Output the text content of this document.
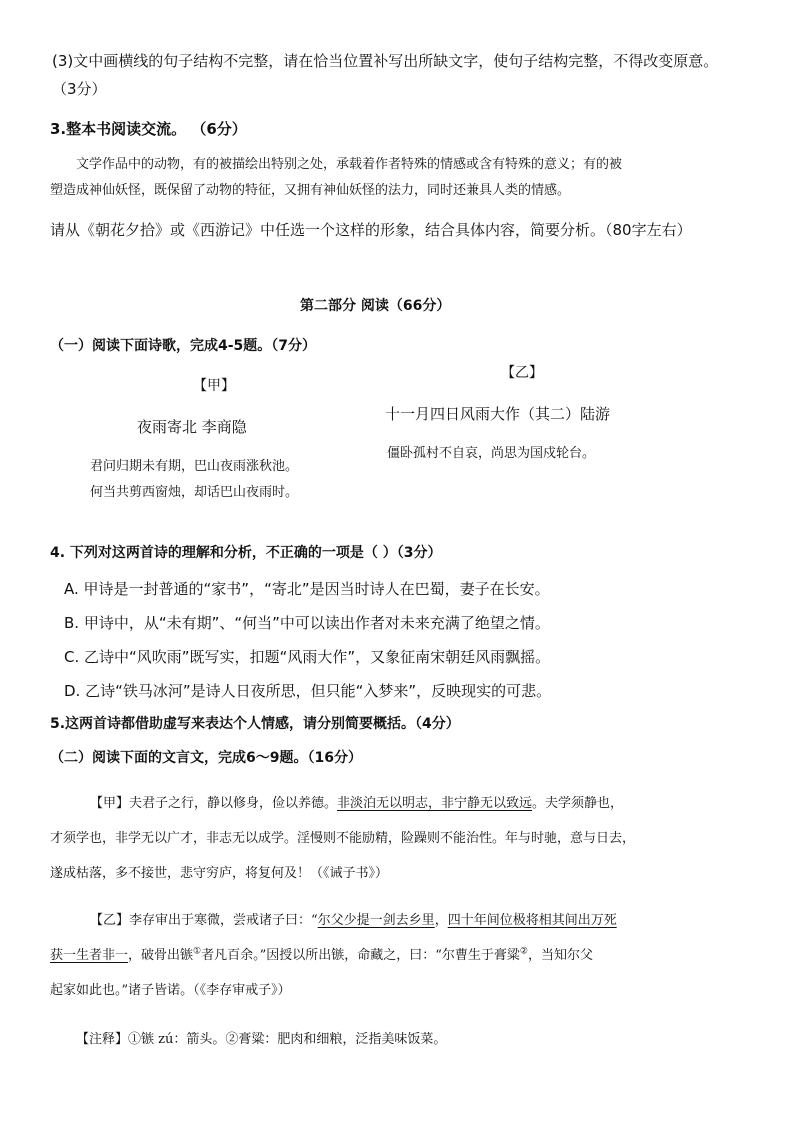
(3)文中画横线的句子结构不完整，请在恰当位置补写出所缺文字，使句子结构完整，不得改变原意。
（3分）
3.整本书阅读交流。 （6分）
文学作品中的动物，有的被描绘出特别之处，承载着作者特殊的情感或含有特殊的意义；有的被
塑造成神仙妖怪，既保留了动物的特征，又拥有神仙妖怪的法力，同时还兼具人类的情感。
请从《朝花夕拾》或《西游记》中任选一个这样的形象，结合具体内容，简要分析。（80字左右）
第二部分 阅读（66分）
（一）阅读下面诗歌，完成4-5题。（7分）
【甲】
夜雨寄北 李商隐
君问归期未有期，巴山夜雨涨秋池。
何当共剪西窗烛，却话巴山夜雨时。
【乙】
十一月四日风雨大作（其二）陆游
僵卧孤村不自哀，尚思为国戍轮台。
4. 下列对这两首诗的理解和分析，不正确的一项是（ ）（3分）
A. 甲诗是一封普通的“家书”，“寄北”是因当时诗人在巴蜀，妻子在长安。
B. 甲诗中，从“未有期”、“何当”中可以读出作者对未来充满了绝望之情。
C. 乙诗中“风吹雨”既写实，扣题“风雨大作”，又象征南宋朝廷风雨飘摇。
D. 乙诗“铁马冰河”是诗人日夜所思，但只能“入梦来”，反映现实的可悲。
5.这两首诗都借助虚写来表达个人情感，请分别简要概括。（4分）
（二）阅读下面的文言文，完成6～9题。（16分）
【甲】夫君子之行，静以修身，俭以养德。非淡泊无以明志，非宁静无以致远。夫学须静也，
才须学也，非学无以广才，非志无以成学。淫慢则不能励精，险躁则不能治性。年与时驰，意与日去，
遂成枯落，多不接世，悲守穷庐，将复何及！（《诫子书》）
【乙】李存审出于寒微，尝戒诸子曰：“尔父少提一剑去乡里，四十年间位极将相其间出万死
获一生者非一，破骨出镞①者凡百余。”因授以所出镞，命藏之，曰：“尔曹生于膏粱②，当知尔父
起家如此也。”诸子皆诺。（《李存审戒子》）
【注释】①镞 zú：箭头。②膏粱：肥肉和细粮，泛指美味饭菜。
